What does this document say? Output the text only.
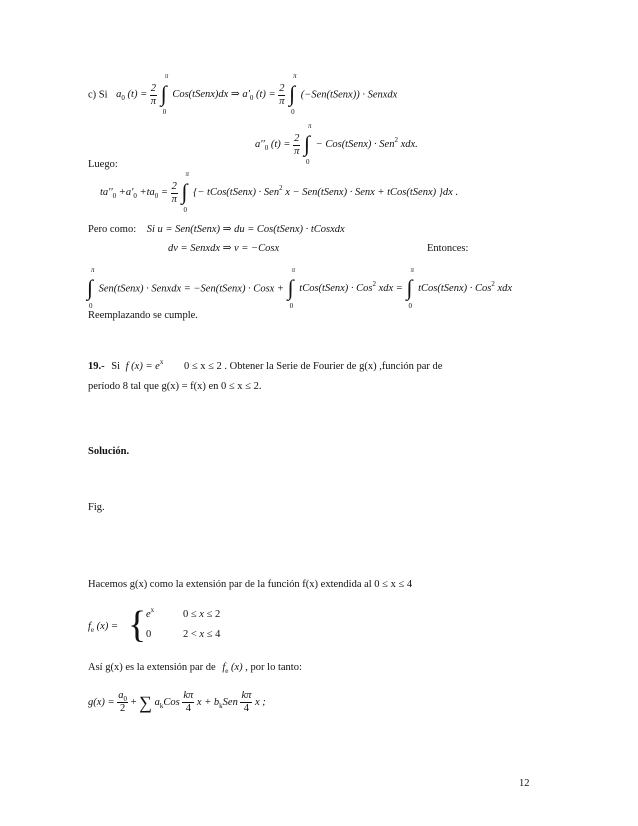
c) Si $a_0$ $(t) = \frac{2}{\pi}$

π
∫
0
Cos(tSenx)dx ⇒ $a'_0$ $(t) = \frac{2}{\pi}$

π
∫
0
(−Sen(tSenx)) · Senxdx
$a''_0$ $(t) = \frac{2}{\pi}$

π
∫
0
− Cos(tSenx) · Sen$^2$ xdx.
Luego:
$ta''_0 +a'_0 +ta_0 = \frac{2}{\pi}$

π
∫
0
{− tCos(tSenx) · Sen$^2$ x − Sen(tSenx) · Senx + tCos(tSenx) }dx .
Pero como: Si u = Sen(tSenx) ⇒ du = Cos(tSenx) · tCosxdx
dv = Senxdx ⇒ v = −Cosx	Entonces:
π
∫
0
Sen(tSenx) · Senxdx = −Sen(tSenx) · Cosx +
π
∫
0
tCos(tSenx) · Cos$^2$ xdx =
π
∫
0
tCos(tSenx) · Cos$^2$ xdx
Reemplazando se cumple.
19.- Si f $(x) = e^x$ 0 ≤ x ≤ 2 . Obtener la Serie de Fourier de g(x) ,función par de
período 8 tal que g(x) = f(x) en 0 ≤ x ≤ 2.
Solución.
Fig.
Hacemos g(x) como la extensión par de la función f(x) extendida al 0 ≤ x ≤ 4
$f_e$ (x) = { $e^x$	0 ≤ x ≤ 2
0	2 < x ≤ 4
Así g(x) es la extensión par de $f_e$ (x) , por lo tanto:
$g(x) = \frac{a_0}{2}$ + ∑ $a_kCos \frac{k\pi}{4}$ $x + b_kSen \frac{k\pi}{4}$ x ;
12
